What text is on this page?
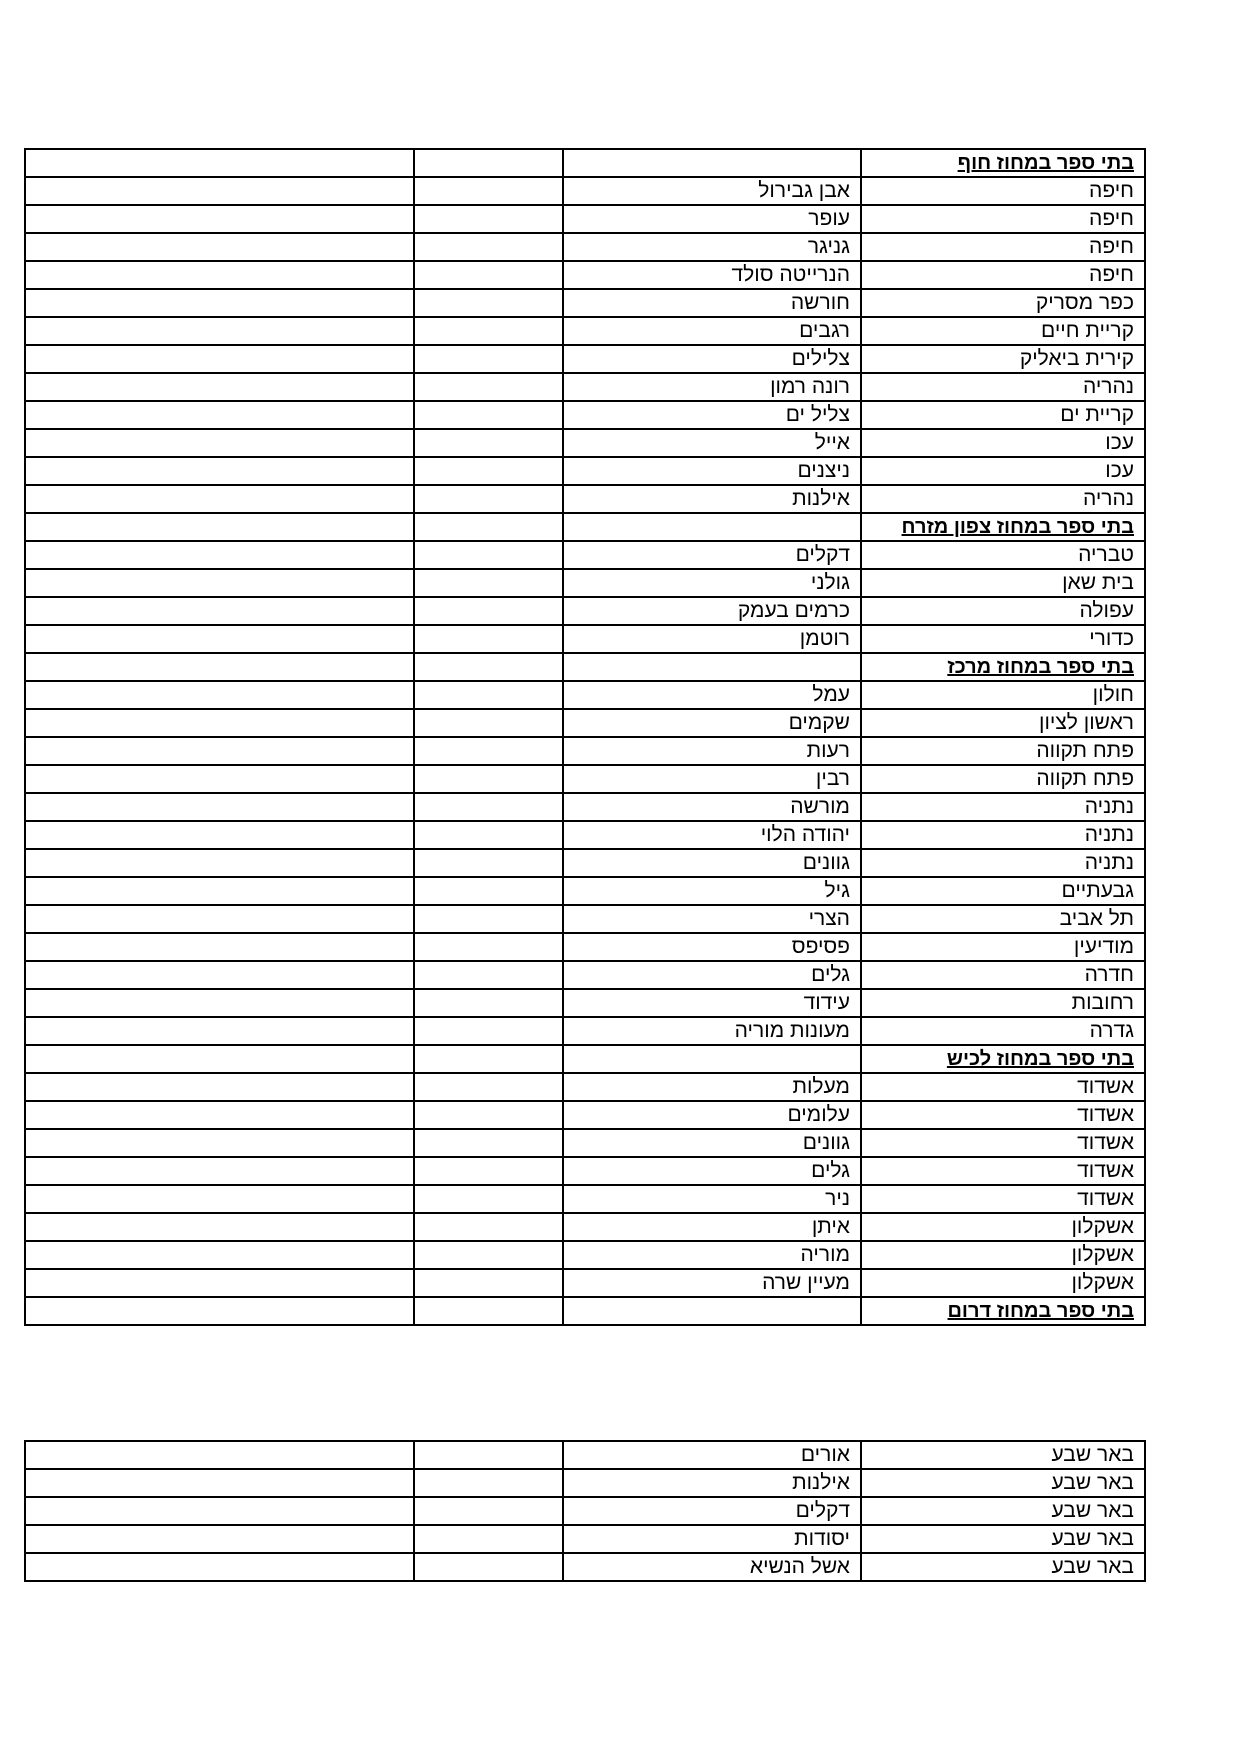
			בתי ספר במחוז חוף
		אבן גבירול	חיפה
		עופר	חיפה
		גניגר	חיפה
		הנרייטה סולד	חיפה
		חורשה	כפר מסריק
		רגבים	קריית חיים
		צלילים	קירית ביאליק
		רונה רמון	נהריה
		צליל ים	קריית ים
		אייל	עכו
		ניצנים	עכו
		אילנות	נהריה
			בתי ספר במחוז צפון מזרח
		דקלים	טבריה
		גולני	בית שאן
		כרמים בעמק	עפולה
		רוטמן	כדורי
			בתי ספר במחוז מרכז
		עמל	חולון
		שקמים	ראשון לציון
		רעות	פתח תקווה
		רבין	פתח תקווה
		מורשה	נתניה
		יהודה הלוי	נתניה
		גוונים	נתניה
		גיל	גבעתיים
		הצרי	תל אביב
		פסיפס	מודיעין
		גלים	חדרה
		עידוד	רחובות
		מעונות מוריה	גדרה
			בתי ספר במחוז לכיש
		מעלות	אשדוד
		עלומים	אשדוד
		גוונים	אשדוד
		גלים	אשדוד
		ניר	אשדוד
		איתן	אשקלון
		מוריה	אשקלון
		מעיין שרה	אשקלון
			בתי ספר במחוז דרום
		אורים	באר שבע
		אילנות	באר שבע
		דקלים	באר שבע
		יסודות	באר שבע
		אשל הנשיא	באר שבע
